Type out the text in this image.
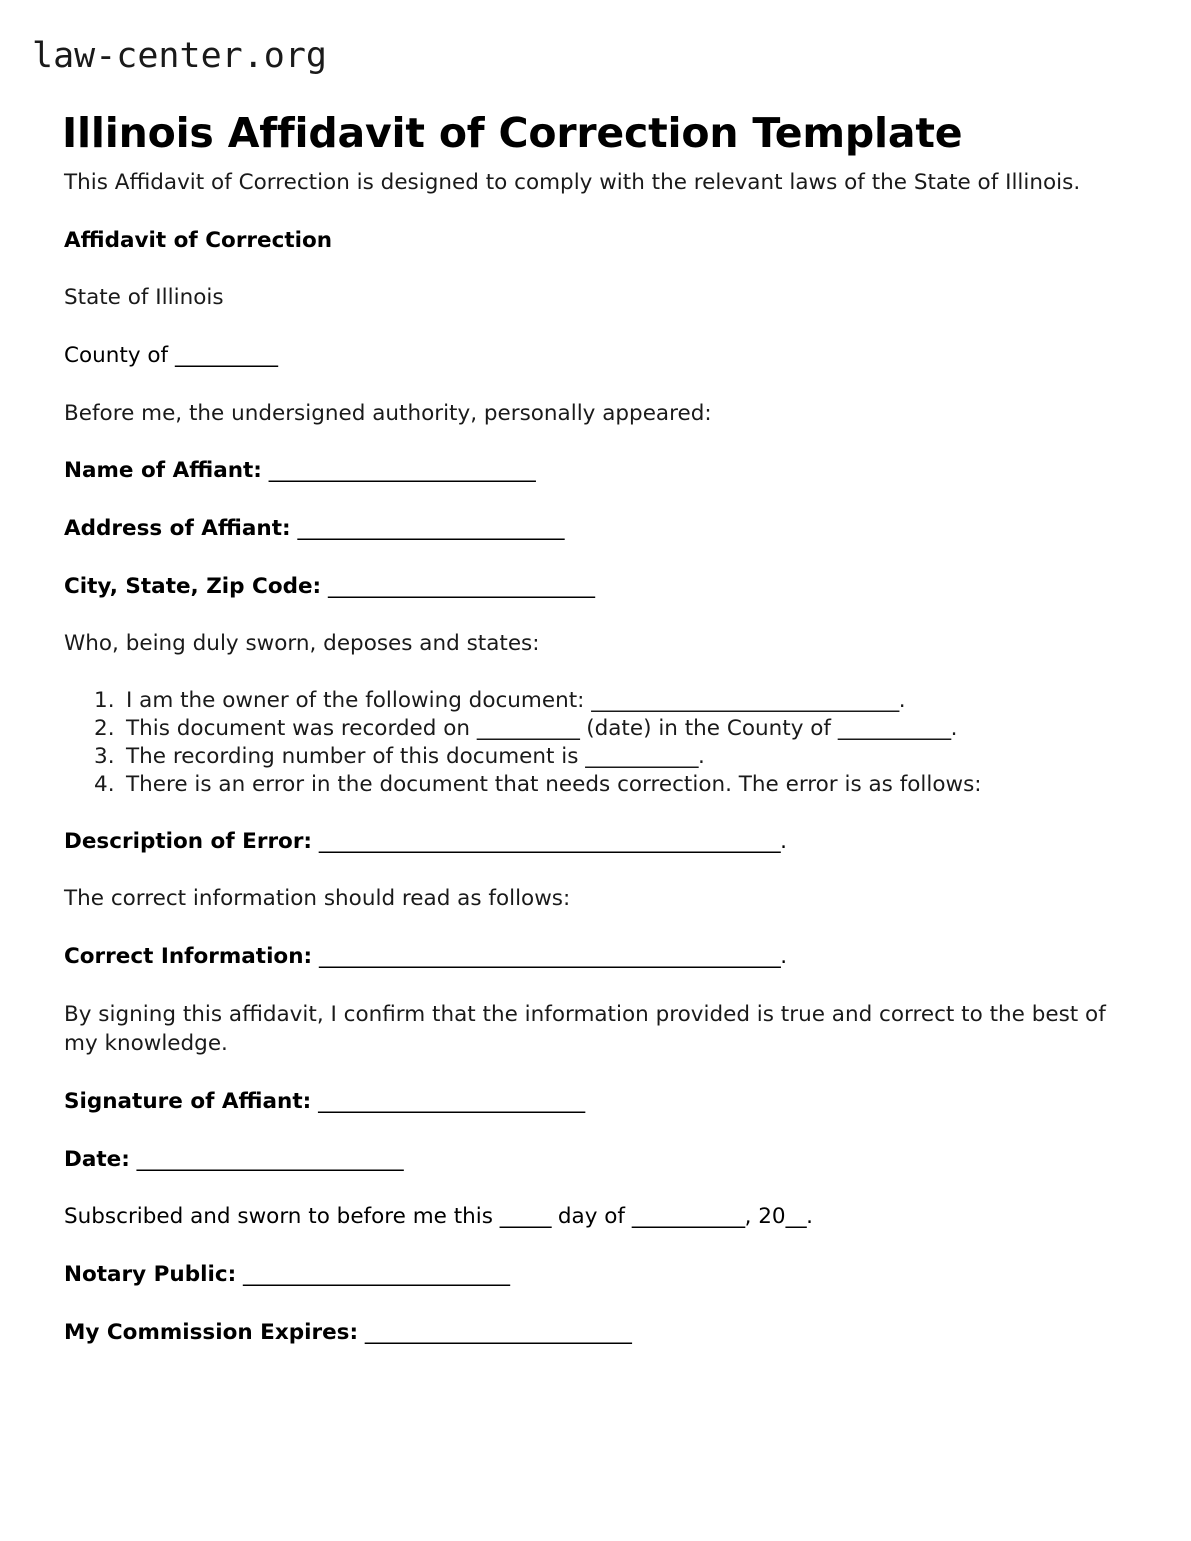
law-center.org
Illinois Affidavit of Correction Template

This Affidavit of Correction is designed to comply with the relevant laws of the State of Illinois.

Affidavit of Correction

State of Illinois

County of __________

Before me, the undersigned authority, personally appeared:

Name of Affiant: __________________________

Address of Affiant: __________________________

City, State, Zip Code: __________________________

Who, being duly sworn, deposes and states:

I am the owner of the following document: ______________________________.
This document was recorded on __________ (date) in the County of ___________.
The recording number of this document is ___________.
There is an error in the document that needs correction. The error is as follows:

Description of Error: _____________________________________________.

The correct information should read as follows:

Correct Information: _____________________________________________.

By signing this affidavit, I confirm that the information provided is true and correct to the best of my knowledge.

Signature of Affiant: __________________________

Date: __________________________

Subscribed and sworn to before me this _____ day of ___________, 20__.

Notary Public: __________________________

My Commission Expires: __________________________
